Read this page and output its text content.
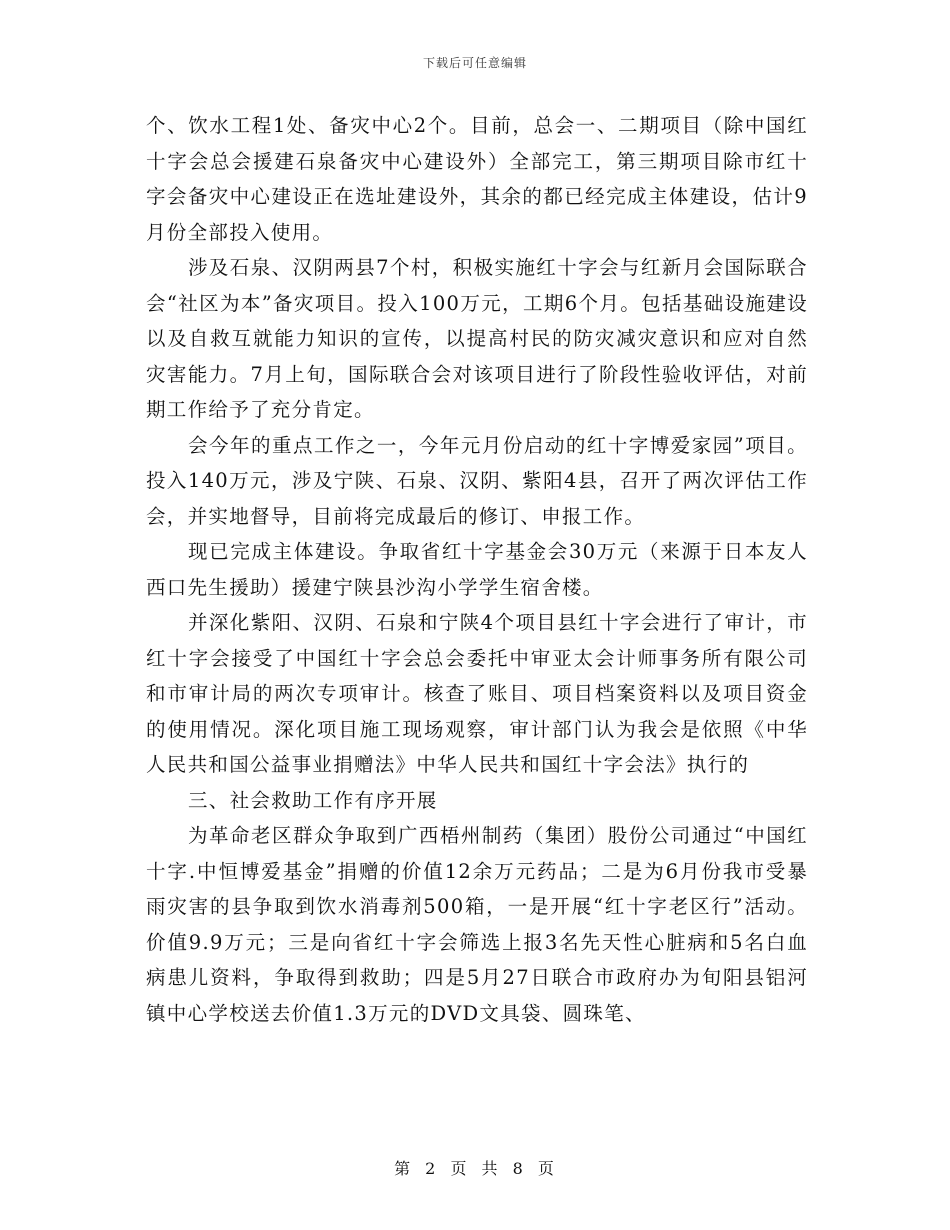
下载后可任意编辑

个、饮水工程1处、备灾中心2个。目前，总会一、二期项目（除中国红十字会总会援建石泉备灾中心建设外）全部完工，第三期项目除市红十字会备灾中心建设正在选址建设外，其余的都已经完成主体建设，估计9月份全部投入使用。

涉及石泉、汉阴两县7个村，积极实施红十字会与红新月会国际联合会“社区为本”备灾项目。投入100万元，工期6个月。包括基础设施建设以及自救互就能力知识的宣传，以提高村民的防灾减灾意识和应对自然灾害能力。7月上旬，国际联合会对该项目进行了阶段性验收评估，对前期工作给予了充分肯定。

会今年的重点工作之一，今年元月份启动的红十字博爱家园”项目。投入140万元，涉及宁陕、石泉、汉阴、紫阳4县，召开了两次评估工作会，并实地督导，目前将完成最后的修订、申报工作。

现已完成主体建设。争取省红十字基金会30万元（来源于日本友人西口先生援助）援建宁陕县沙沟小学学生宿舍楼。

并深化紫阳、汉阴、石泉和宁陕4个项目县红十字会进行了审计，市红十字会接受了中国红十字会总会委托中审亚太会计师事务所有限公司和市审计局的两次专项审计。核查了账目、项目档案资料以及项目资金的使用情况。深化项目施工现场观察，审计部门认为我会是依照《中华人民共和国公益事业捐赠法》中华人民共和国红十字会法》执行的

三、社会救助工作有序开展

为革命老区群众争取到广西梧州制药（集团）股份公司通过“中国红十字.中恒博爱基金”捐赠的价值12余万元药品；二是为6月份我市受暴雨灾害的县争取到饮水消毒剂500箱，一是开展“红十字老区行”活动。价值9.9万元；三是向省红十字会筛选上报3名先天性心脏病和5名白血病患儿资料，争取得到救助；四是5月27日联合市政府办为旬阳县铝河镇中心学校送去价值1.3万元的DVD文具袋、圆珠笔、

第 2 页 共 8 页
